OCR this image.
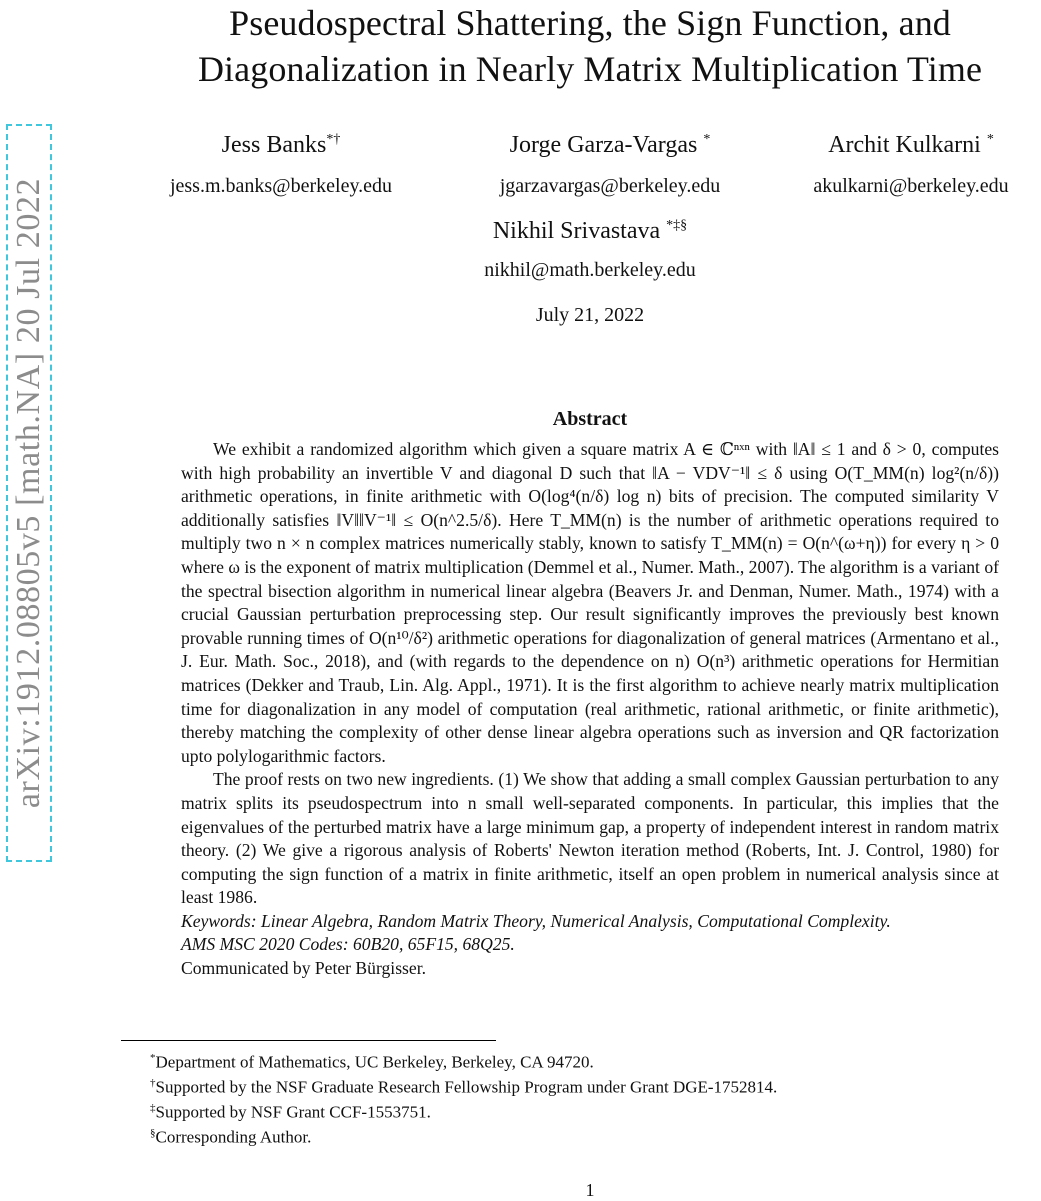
arXiv:1912.08805v5 [math.NA] 20 Jul 2022
Pseudospectral Shattering, the Sign Function, and
Diagonalization in Nearly Matrix Multiplication Time
Jess Banks*†
jess.m.banks@berkeley.edu
Jorge Garza-Vargas *
jgarzavargas@berkeley.edu
Archit Kulkarni *
akulkarni@berkeley.edu
Nikhil Srivastava *‡§
nikhil@math.berkeley.edu
July 21, 2022
Abstract

We exhibit a randomized algorithm which given a square matrix A ∈ ℂⁿˣⁿ with ‖A‖ ≤ 1 and δ > 0, computes with high probability an invertible V and diagonal D such that ‖A − VDV⁻¹‖ ≤ δ using O(T_MM(n) log²(n/δ)) arithmetic operations, in finite arithmetic with O(log⁴(n/δ) log n) bits of precision. The computed similarity V additionally satisfies ‖V‖‖V⁻¹‖ ≤ O(n^2.5/δ). Here T_MM(n) is the number of arithmetic operations required to multiply two n × n complex matrices numerically stably, known to satisfy T_MM(n) = O(n^(ω+η)) for every η > 0 where ω is the exponent of matrix multiplication (Demmel et al., Numer. Math., 2007). The algorithm is a variant of the spectral bisection algorithm in numerical linear algebra (Beavers Jr. and Denman, Numer. Math., 1974) with a crucial Gaussian perturbation preprocessing step. Our result significantly improves the previously best known provable running times of O(n¹⁰/δ²) arithmetic operations for diagonalization of general matrices (Armentano et al., J. Eur. Math. Soc., 2018), and (with regards to the dependence on n) O(n³) arithmetic operations for Hermitian matrices (Dekker and Traub, Lin. Alg. Appl., 1971). It is the first algorithm to achieve nearly matrix multiplication time for diagonalization in any model of computation (real arithmetic, rational arithmetic, or finite arithmetic), thereby matching the complexity of other dense linear algebra operations such as inversion and QR factorization upto polylogarithmic factors.

The proof rests on two new ingredients. (1) We show that adding a small complex Gaussian perturbation to any matrix splits its pseudospectrum into n small well-separated components. In particular, this implies that the eigenvalues of the perturbed matrix have a large minimum gap, a property of independent interest in random matrix theory. (2) We give a rigorous analysis of Roberts' Newton iteration method (Roberts, Int. J. Control, 1980) for computing the sign function of a matrix in finite arithmetic, itself an open problem in numerical analysis since at least 1986.

Keywords: Linear Algebra, Random Matrix Theory, Numerical Analysis, Computational Complexity.

AMS MSC 2020 Codes: 60B20, 65F15, 68Q25.

Communicated by Peter Bürgisser.

*Department of Mathematics, UC Berkeley, Berkeley, CA 94720.
†Supported by the NSF Graduate Research Fellowship Program under Grant DGE-1752814.
‡Supported by NSF Grant CCF-1553751.
§Corresponding Author.
1
